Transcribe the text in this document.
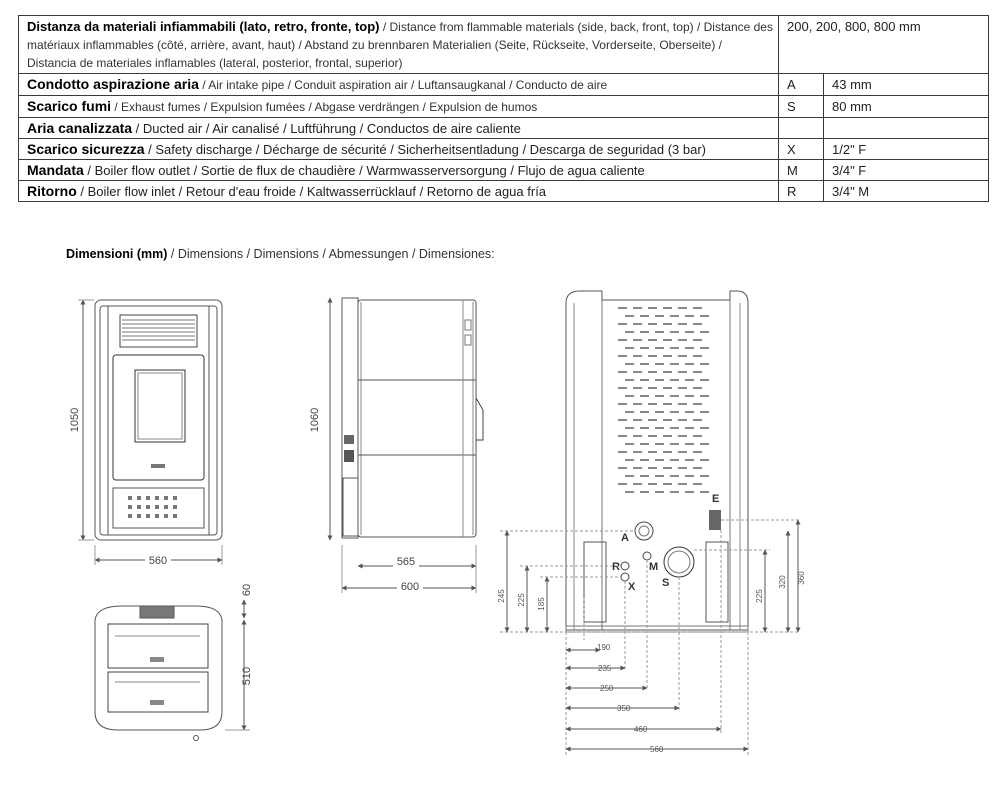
Distanza da materiali infiammabili (lato, retro, fronte, top) / Distance from flammable materials (side, back, front, top) / Distance des matériaux inflammables (côté, arrière, avant, haut) / Abstand zu brennbaren Materialien (Seite, Rückseite, Vorderseite, Oberseite) / Distancia de materiales inflamables (lateral, posterior, frontal, superior)	200, 200, 800, 800 mm	
Condotto aspirazione aria / Air intake pipe / Conduit aspiration air / Luftansaugkanal / Conducto de aire	A	43 mm
Scarico fumi / Exhaust fumes / Expulsion fumées / Abgase verdrängen / Expulsion de humos	S	80 mm
Aria canalizzata / Ducted air / Air canalisé / Luftführung / Conductos de aire caliente		
Scarico sicurezza / Safety discharge / Décharge de sécurité / Sicherheitsentladung / Descarga de seguridad (3 bar)	X	1/2" F
Mandata / Boiler flow outlet / Sortie de flux de chaudière / Warmwasserversorgung / Flujo de agua caliente	M	3/4" F
Ritorno / Boiler flow inlet / Retour d'eau froide / Kaltwasserrücklauf / Retorno de agua fría	R	3/4" M
Dimensioni (mm) / Dimensions / Dimensions / Abmessungen / Dimensiones:
1050
560
1060
565
600
60
510
E
A
R
X
M
S
245 225 185
225
320 360
190
235
250
350
460
560
